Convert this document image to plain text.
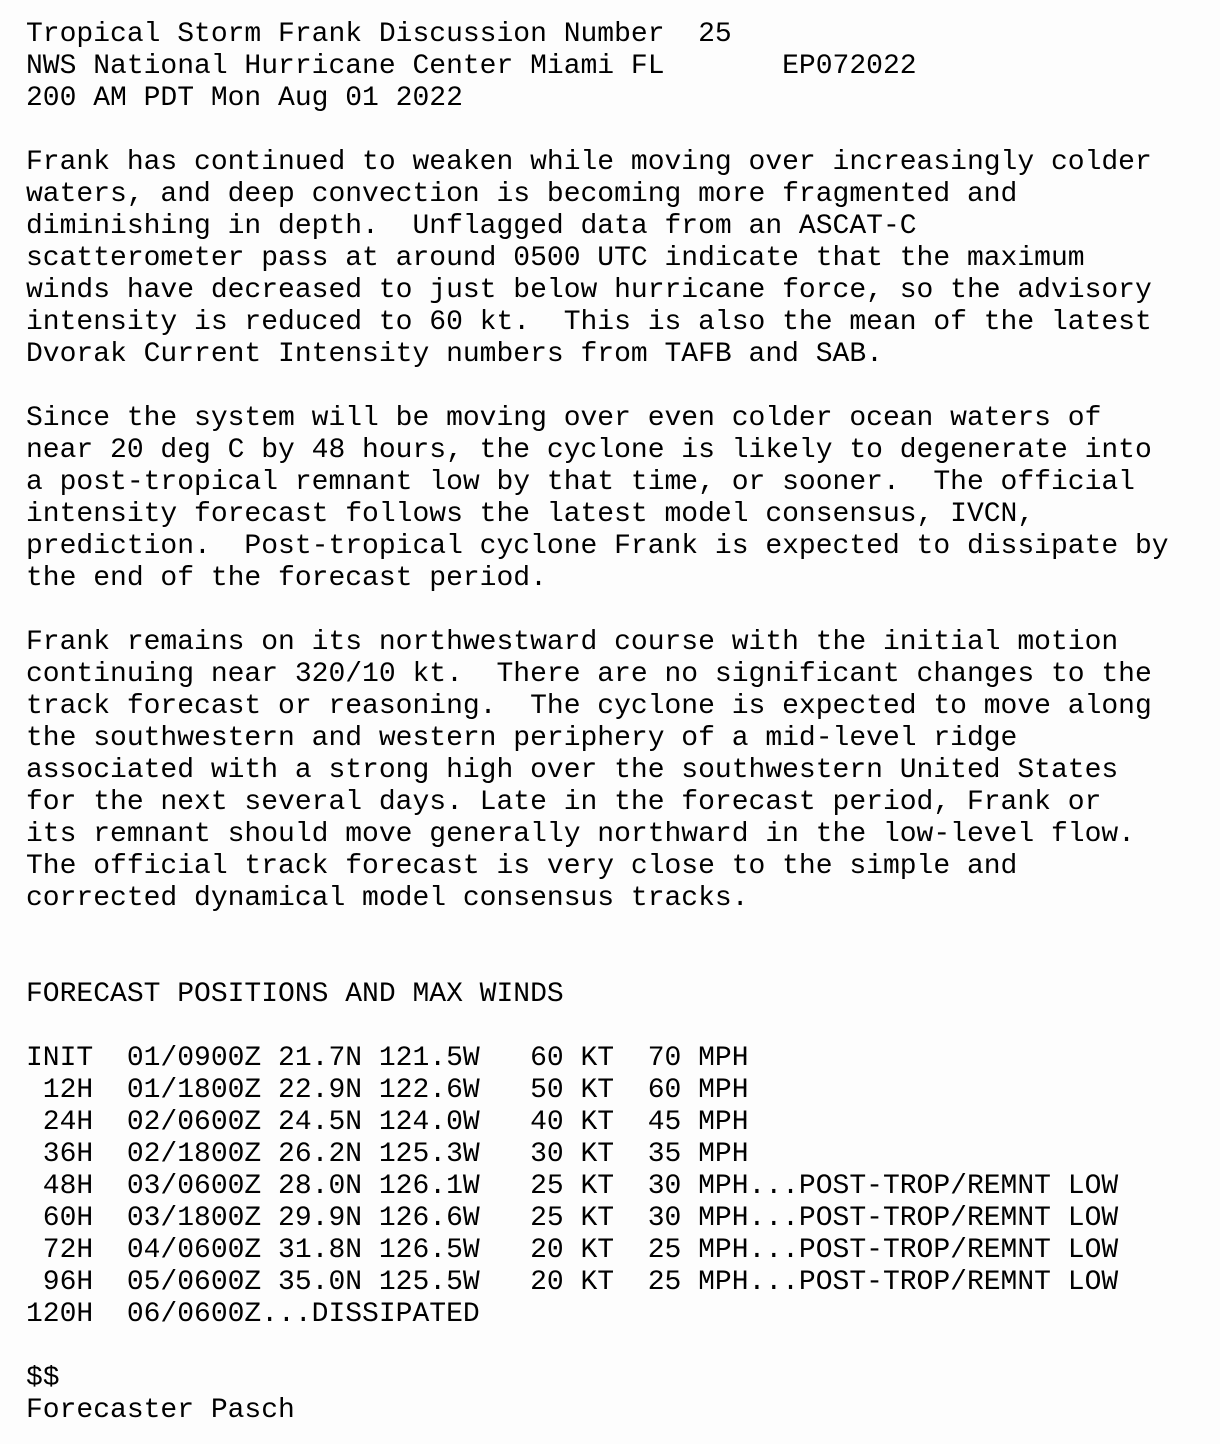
Tropical Storm Frank Discussion Number  25
NWS National Hurricane Center Miami FL       EP072022
200 AM PDT Mon Aug 01 2022
Frank has continued to weaken while moving over increasingly colder
waters, and deep convection is becoming more fragmented and
diminishing in depth.  Unflagged data from an ASCAT-C
scatterometer pass at around 0500 UTC indicate that the maximum
winds have decreased to just below hurricane force, so the advisory
intensity is reduced to 60 kt.  This is also the mean of the latest
Dvorak Current Intensity numbers from TAFB and SAB.
Since the system will be moving over even colder ocean waters of
near 20 deg C by 48 hours, the cyclone is likely to degenerate into
a post-tropical remnant low by that time, or sooner.  The official
intensity forecast follows the latest model consensus, IVCN,
prediction.  Post-tropical cyclone Frank is expected to dissipate by
the end of the forecast period.
Frank remains on its northwestward course with the initial motion
continuing near 320/10 kt.  There are no significant changes to the
track forecast or reasoning.  The cyclone is expected to move along
the southwestern and western periphery of a mid-level ridge
associated with a strong high over the southwestern United States
for the next several days. Late in the forecast period, Frank or
its remnant should move generally northward in the low-level flow.
The official track forecast is very close to the simple and
corrected dynamical model consensus tracks.
FORECAST POSITIONS AND MAX WINDS
INIT  01/0900Z 21.7N 121.5W   60 KT  70 MPH
12H  01/1800Z 22.9N 122.6W   50 KT  60 MPH
24H  02/0600Z 24.5N 124.0W   40 KT  45 MPH
36H  02/1800Z 26.2N 125.3W   30 KT  35 MPH
48H  03/0600Z 28.0N 126.1W   25 KT  30 MPH...POST-TROP/REMNT LOW
60H  03/1800Z 29.9N 126.6W   25 KT  30 MPH...POST-TROP/REMNT LOW
72H  04/0600Z 31.8N 126.5W   20 KT  25 MPH...POST-TROP/REMNT LOW
96H  05/0600Z 35.0N 125.5W   20 KT  25 MPH...POST-TROP/REMNT LOW
120H  06/0600Z...DISSIPATED
$$
Forecaster Pasch
